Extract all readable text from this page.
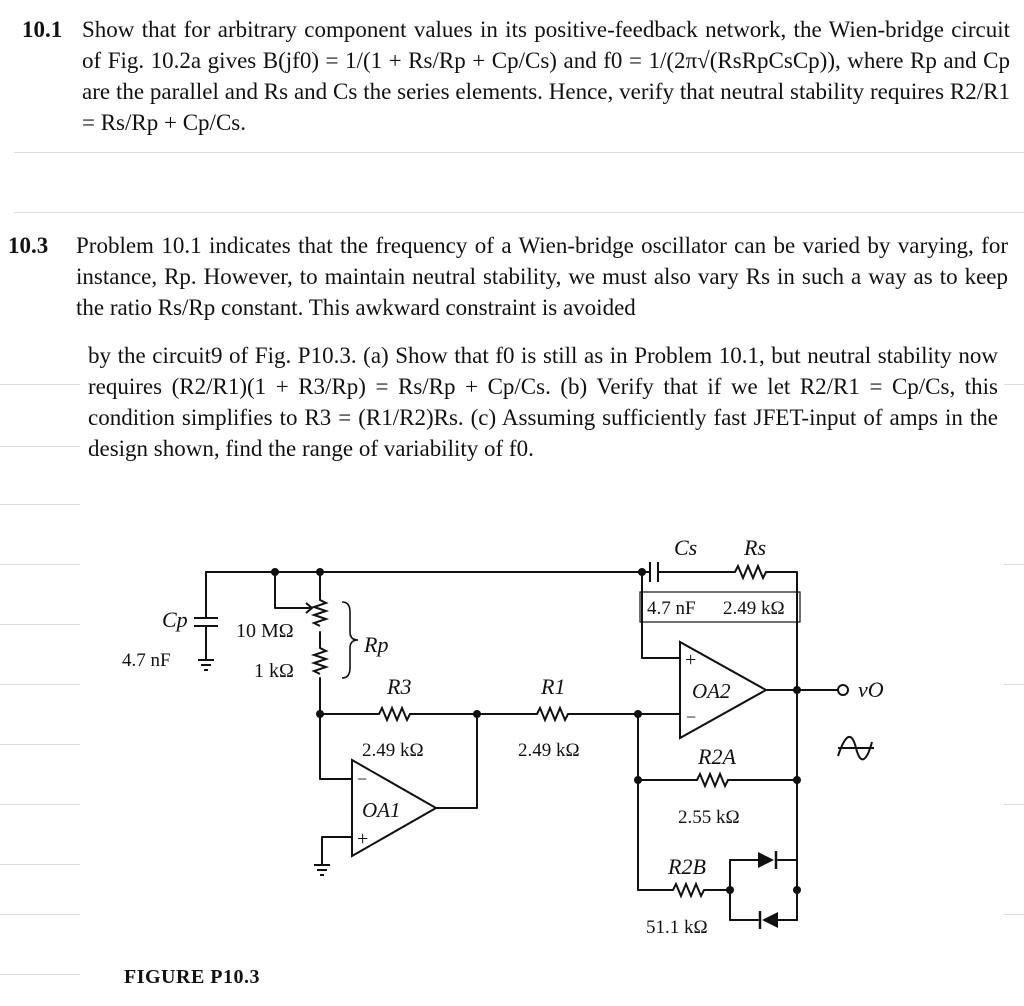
10.1 Show that for arbitrary component values in its positive-feedback network, the Wien-bridge circuit of Fig. 10.2a gives B(jf0) = 1/(1 + Rs/Rp + Cp/Cs) and f0 = 1/(2π√(RsRpCsCp)), where Rp and Cp are the parallel and Rs and Cs the series elements. Hence, verify that neutral stability requires R2/R1 = Rs/Rp + Cp/Cs.

10.3 Problem 10.1 indicates that the frequency of a Wien-bridge oscillator can be varied by varying, for instance, Rp. However, to maintain neutral stability, we must also vary Rs in such a way as to keep the ratio Rs/Rp constant. This awkward constraint is avoided

by the circuit9 of Fig. P10.3. (a) Show that f0 is still as in Problem 10.1, but neutral stability now requires (R2/R1)(1 + R3/Rp) = Rs/Rp + Cp/Cs. (b) Verify that if we let R2/R1 = Cp/Cs, this condition simplifies to R3 = (R1/R2)Rs. (c) Assuming sufficiently fast JFET-input of amps in the design shown, find the range of variability of f0.

Cs Rs
4.7 nF 2.49 kΩ
Cp
4.7 nF
10 MΩ
1 kΩ
Rp
R3
2.49 kΩ
R1
2.49 kΩ
OA1
−
+
OA2
+
−
R2A
2.55 kΩ
R2B
51.1 kΩ
vO
FIGURE P10.3
